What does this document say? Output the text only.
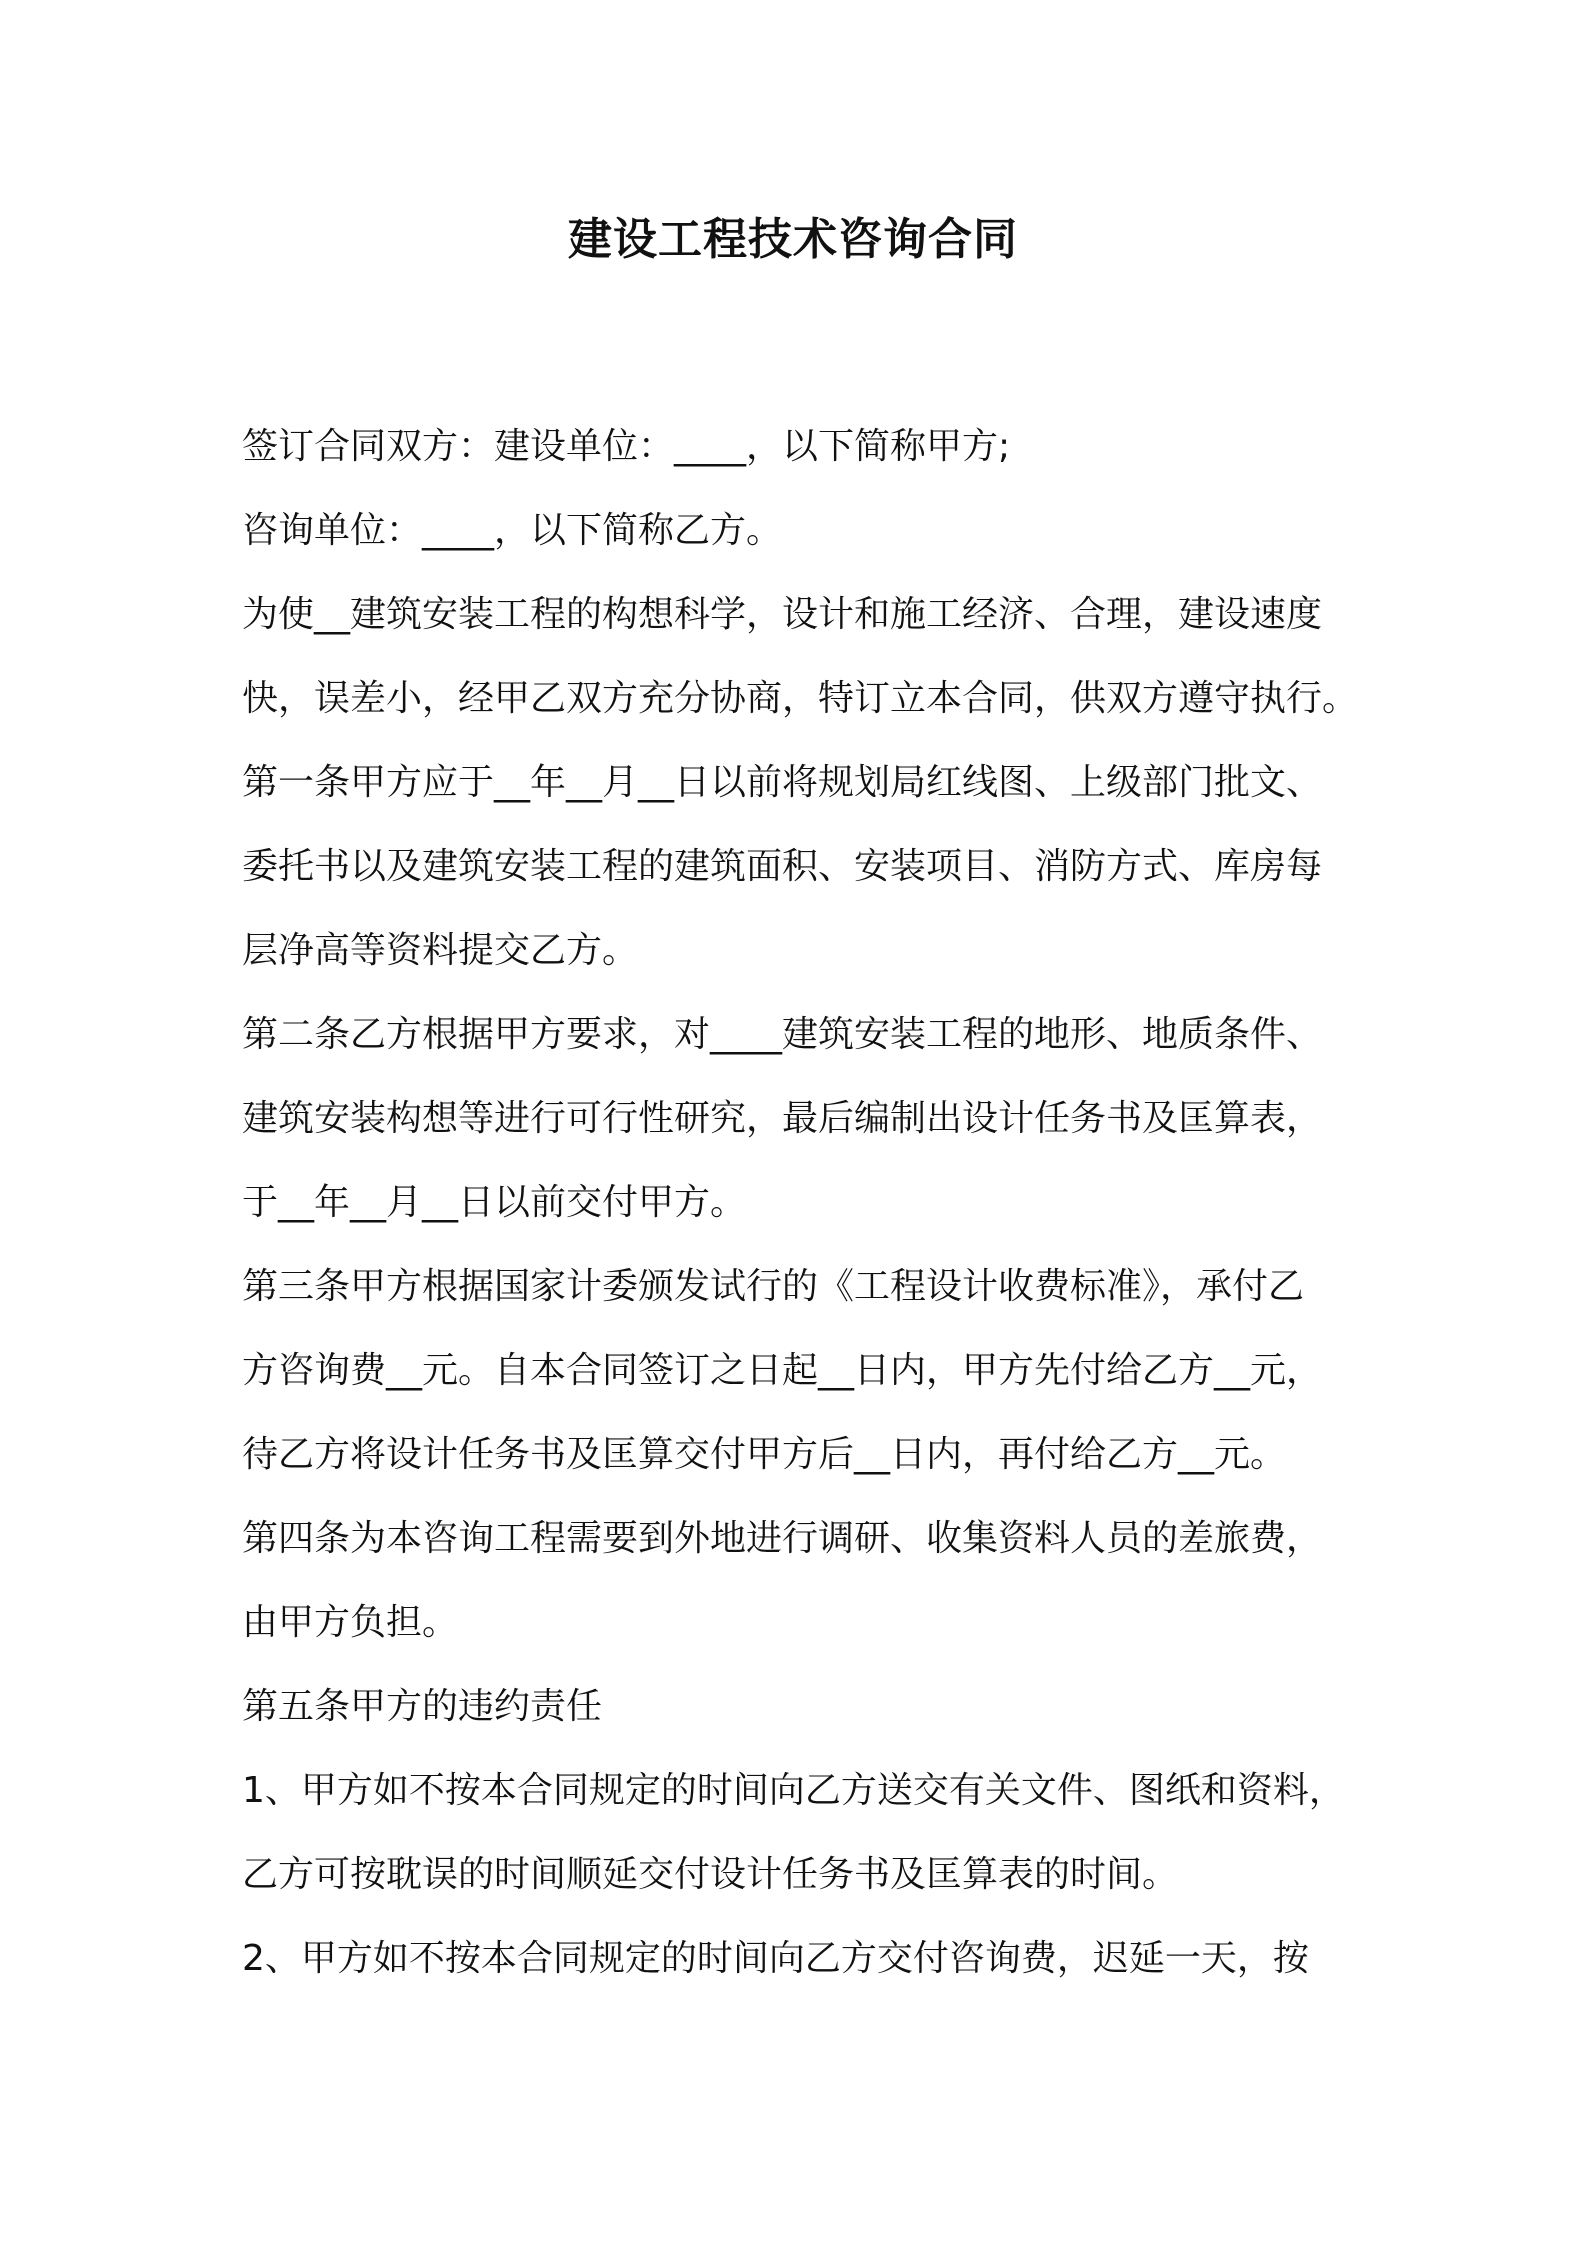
建设工程技术咨询合同

签订合同双方：建设单位：____，以下简称甲方;

咨询单位：____，以下简称乙方。

为使__建筑安装工程的构想科学，设计和施工经济、合理，建设速度

快，误差小，经甲乙双方充分协商，特订立本合同，供双方遵守执行。

第一条甲方应于__年__月__日以前将规划局红线图、上级部门批文、

委托书以及建筑安装工程的建筑面积、安装项目、消防方式、库房每

层净高等资料提交乙方。

第二条乙方根据甲方要求，对____建筑安装工程的地形、地质条件、

建筑安装构想等进行可行性研究，最后编制出设计任务书及匡算表，

于__年__月__日以前交付甲方。

第三条甲方根据国家计委颁发试行的《工程设计收费标准》，承付乙

方咨询费__元。自本合同签订之日起__日内，甲方先付给乙方__元，

待乙方将设计任务书及匡算交付甲方后__日内，再付给乙方__元。

第四条为本咨询工程需要到外地进行调研、收集资料人员的差旅费，

由甲方负担。

第五条甲方的违约责任

1、甲方如不按本合同规定的时间向乙方送交有关文件、图纸和资料，

乙方可按耽误的时间顺延交付设计任务书及匡算表的时间。

2、甲方如不按本合同规定的时间向乙方交付咨询费，迟延一天，按
